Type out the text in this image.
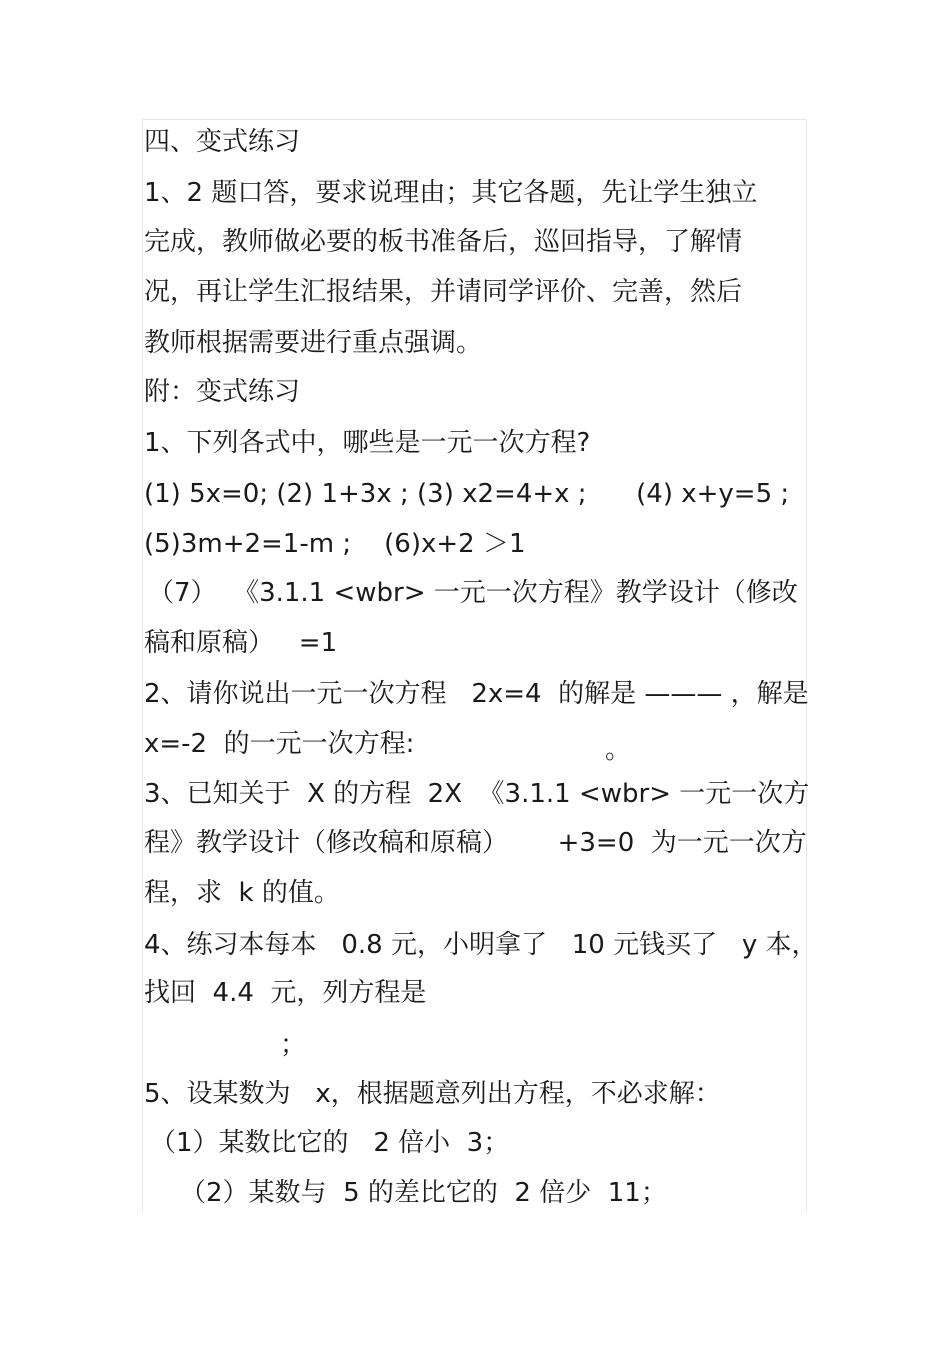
四、变式练习
1、2 题口答，要求说理由；其它各题，先让学生独立
完成，教师做必要的板书准备后，巡回指导，了解情
况，再让学生汇报结果，并请同学评价、完善，然后
教师根据需要进行重点强调。
附：变式练习
1、下列各式中，哪些是一元一次方程?
(1) 5x=0; (2) 1+3x ; (3) x2=4+x ;      (4) x+y=5 ;
(5)3m+2=1-m ;    (6)x+2 ＞1
（7）  《3.1.1 <wbr> 一元一次方程》教学设计（修改
稿和原稿）   =1
2、请你说出一元一次方程   2x=4  的解是 ——— ，解是
x=-2  的一元一次方程:	。
3、已知关于  X 的方程  2X  《3.1.1 <wbr> 一元一次方
程》教学设计（修改稿和原稿）      +3=0  为一元一次方
程，求  k 的值。
4、练习本每本   0.8 元，小明拿了   10 元钱买了   y 本，
找回  4.4  元，列方程是
；
5、设某数为   x，根据题意列出方程，不必求解：
（1）某数比它的   2 倍小  3；
（2）某数与  5 的差比它的  2 倍少  11；
